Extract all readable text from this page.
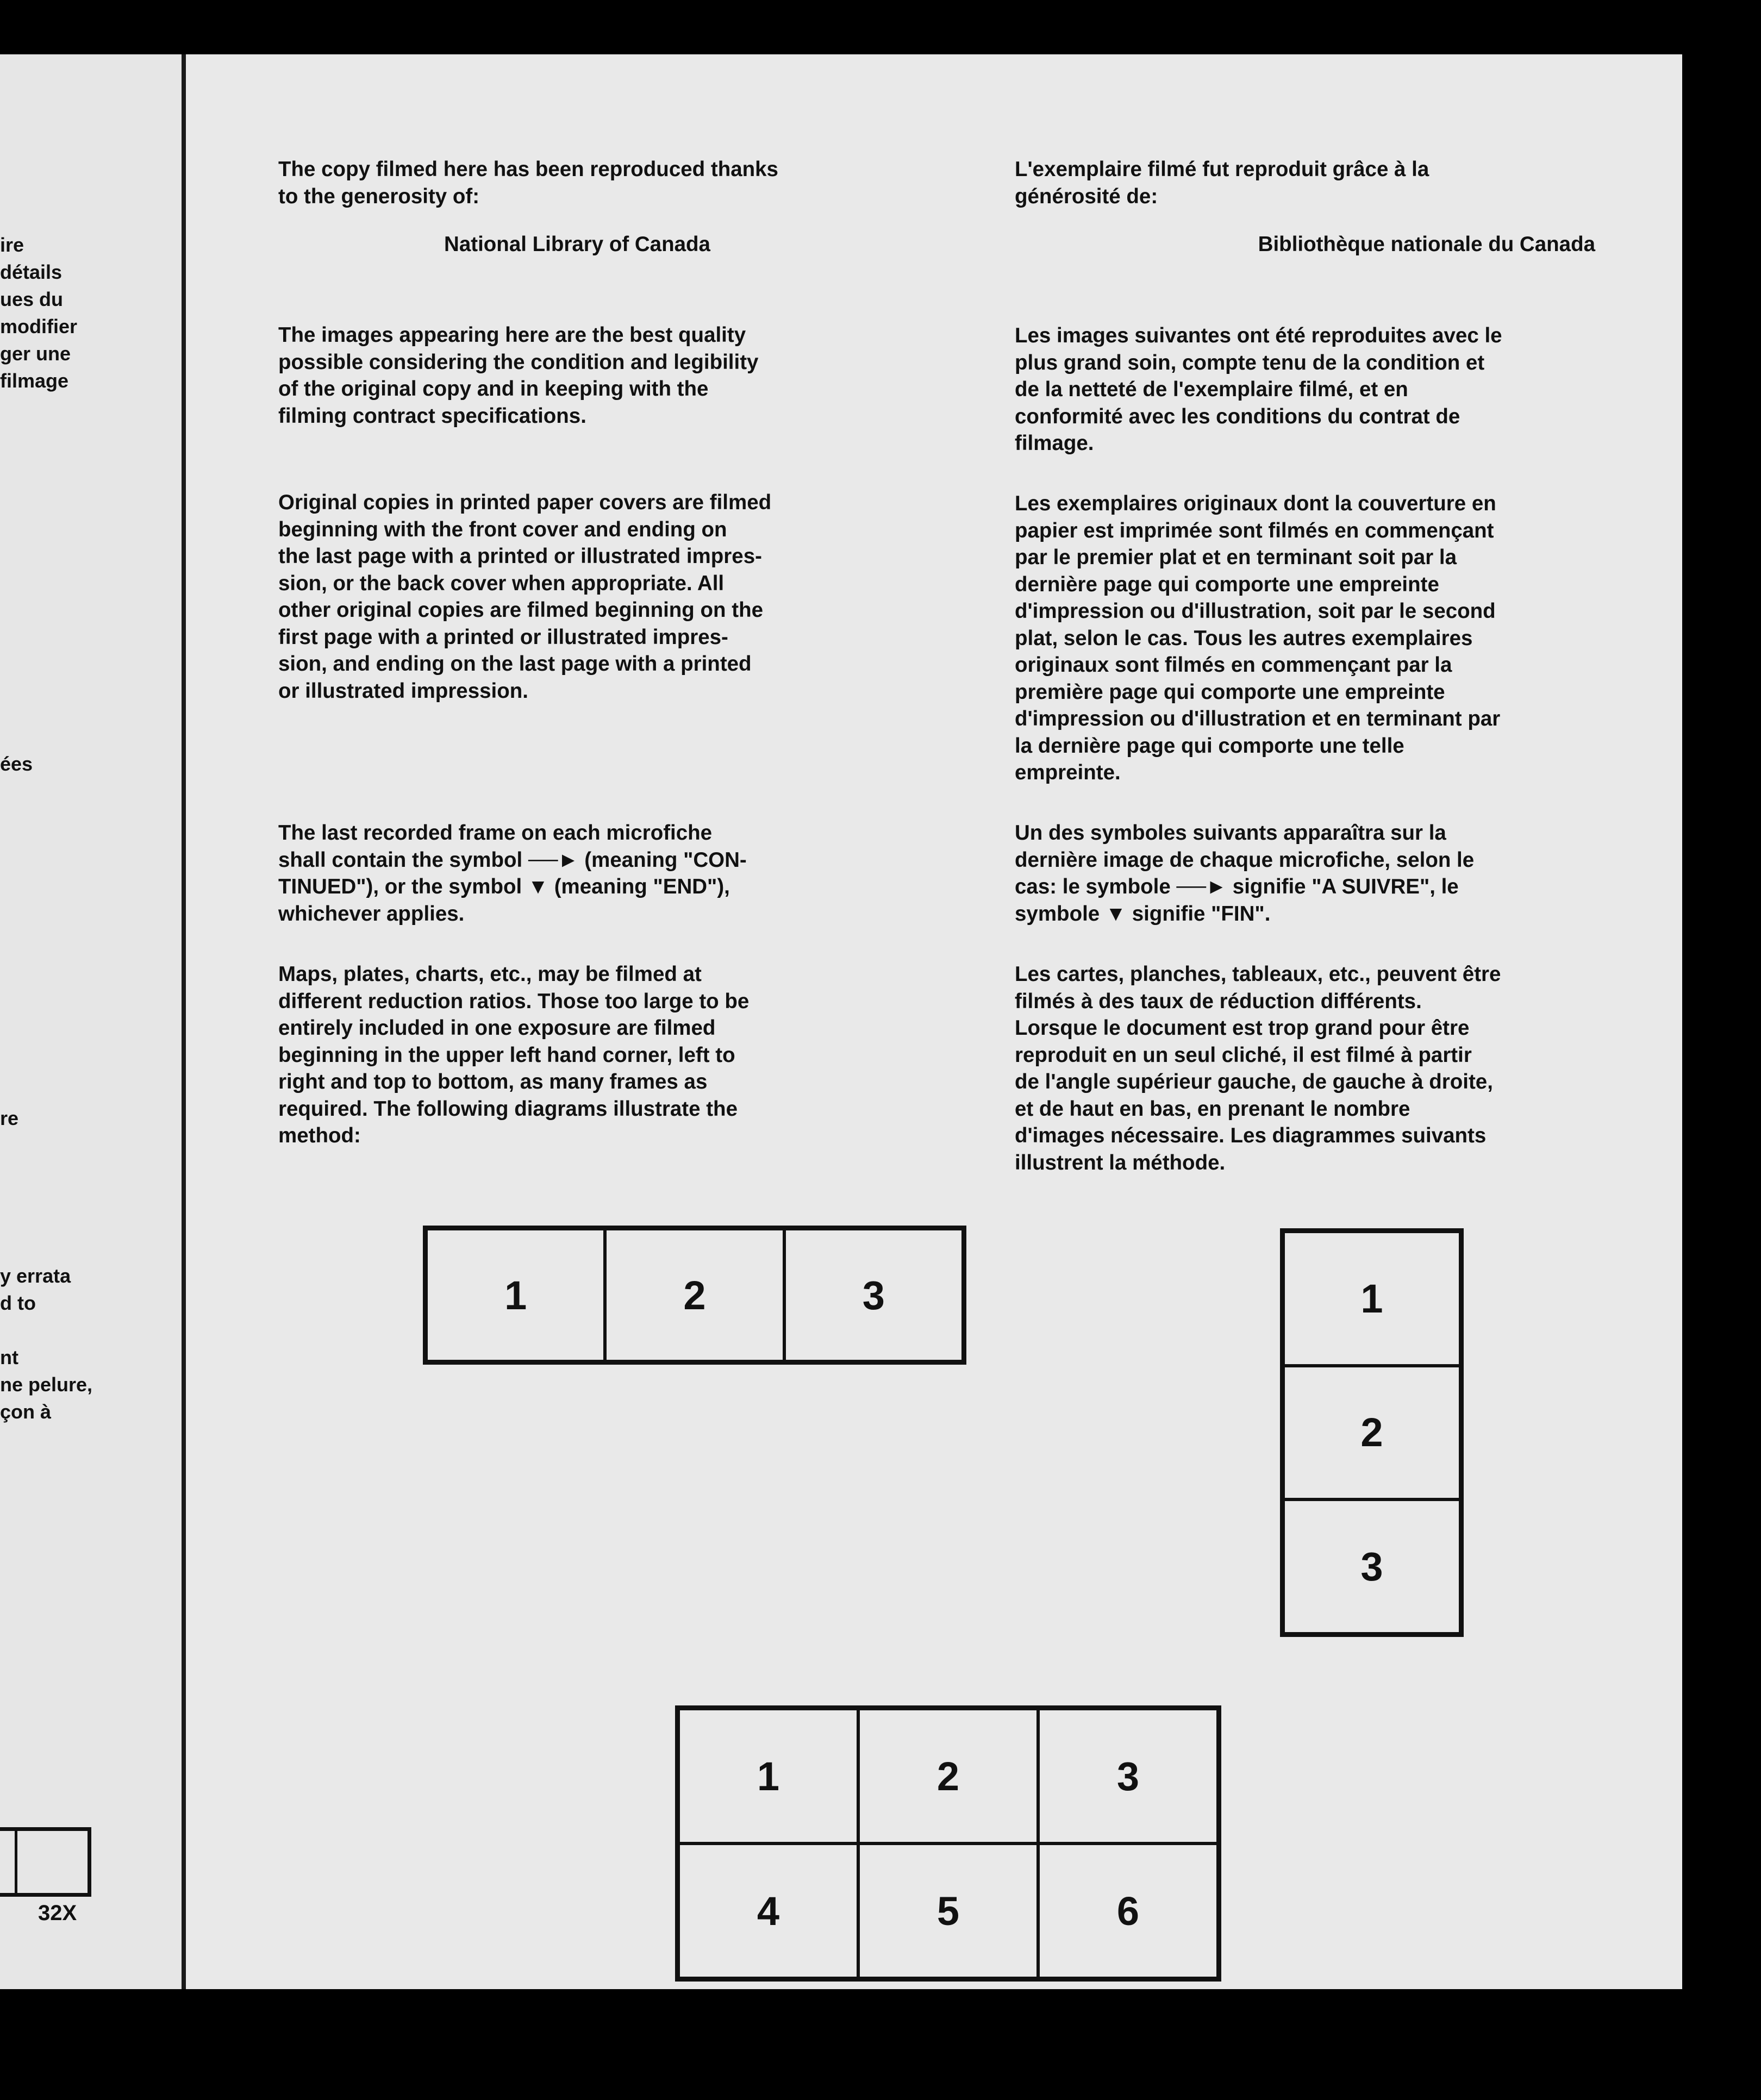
ire
détails
ues du
modifier
ger une
filmage
ées
re
y errata
d to
nt
ne pelure,
çon à
32X

The copy filmed here has been reproduced thanks
to the generosity of:

National Library of Canada

The images appearing here are the best quality
possible considering the condition and legibility
of the original copy and in keeping with the
filming contract specifications.

Original copies in printed paper covers are filmed
beginning with the front cover and ending on
the last page with a printed or illustrated impres-
sion, or the back cover when appropriate. All
other original copies are filmed beginning on the
first page with a printed or illustrated impres-
sion, and ending on the last page with a printed
or illustrated impression.

The last recorded frame on each microfiche
shall contain the symbol ──► (meaning "CON-
TINUED"), or the symbol ▼ (meaning "END"),
whichever applies.

Maps, plates, charts, etc., may be filmed at
different reduction ratios. Those too large to be
entirely included in one exposure are filmed
beginning in the upper left hand corner, left to
right and top to bottom, as many frames as
required. The following diagrams illustrate the
method:

L'exemplaire filmé fut reproduit grâce à la
générosité de:

Bibliothèque nationale du Canada

Les images suivantes ont été reproduites avec le
plus grand soin, compte tenu de la condition et
de la netteté de l'exemplaire filmé, et en
conformité avec les conditions du contrat de
filmage.

Les exemplaires originaux dont la couverture en
papier est imprimée sont filmés en commençant
par le premier plat et en terminant soit par la
dernière page qui comporte une empreinte
d'impression ou d'illustration, soit par le second
plat, selon le cas. Tous les autres exemplaires
originaux sont filmés en commençant par la
première page qui comporte une empreinte
d'impression ou d'illustration et en terminant par
la dernière page qui comporte une telle
empreinte.

Un des symboles suivants apparaîtra sur la
dernière image de chaque microfiche, selon le
cas: le symbole ──► signifie "A SUIVRE", le
symbole ▼ signifie "FIN".

Les cartes, planches, tableaux, etc., peuvent être
filmés à des taux de réduction différents.
Lorsque le document est trop grand pour être
reproduit en un seul cliché, il est filmé à partir
de l'angle supérieur gauche, de gauche à droite,
et de haut en bas, en prenant le nombre
d'images nécessaire. Les diagrammes suivants
illustrent la méthode.

1	2	3	1
2
3
1	2	3
4	5	6
